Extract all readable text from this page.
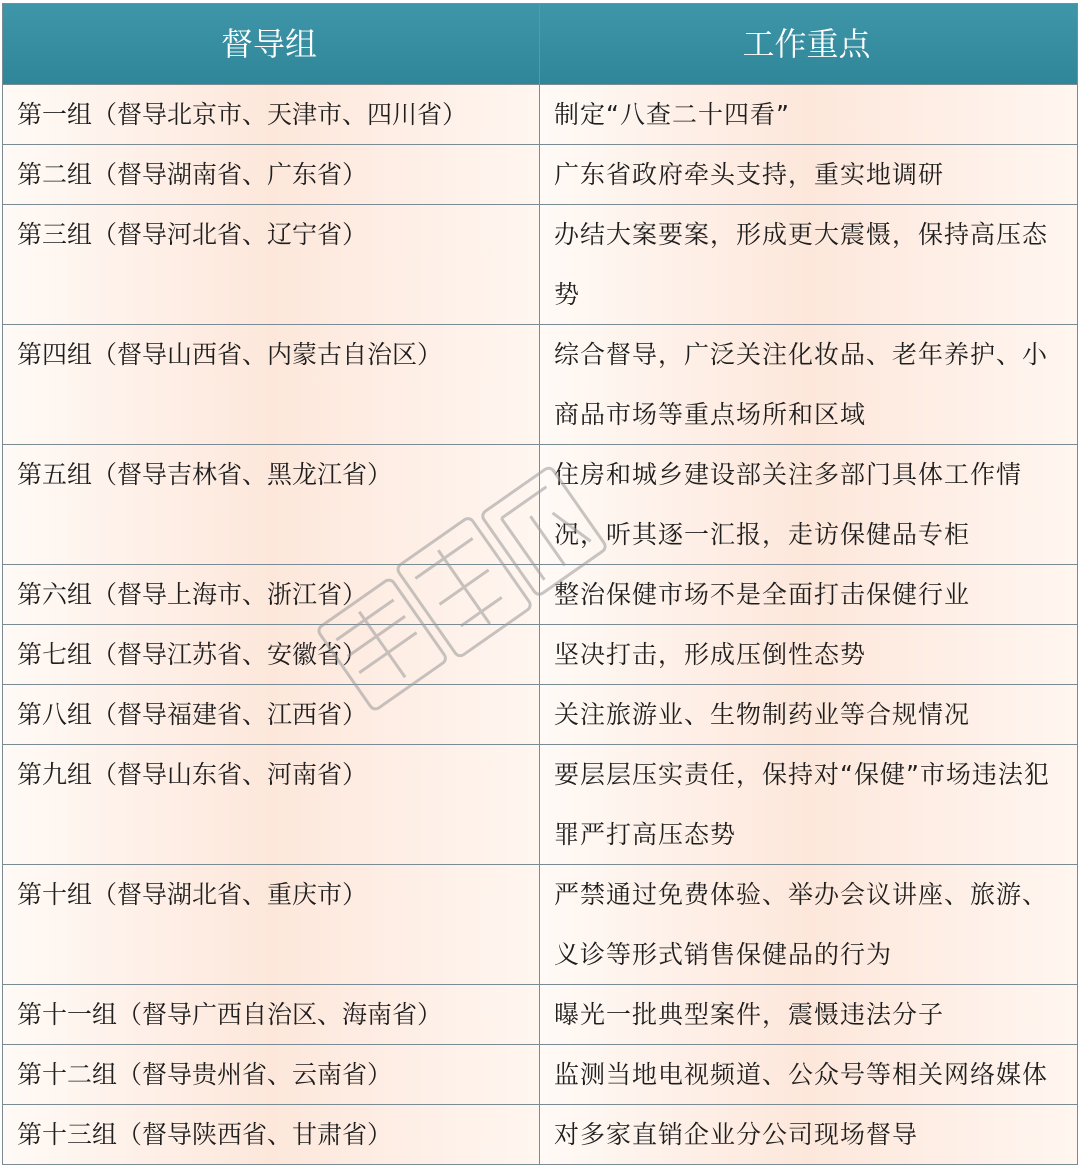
督导组	工作重点
第一组（督导北京市、天津市、四川省）	制定“八查二十四看”
第二组（督导湖南省、广东省）	广东省政府牵头支持，重实地调研
第三组（督导河北省、辽宁省）	办结大案要案，形成更大震慑，保持高压态势
第四组（督导山西省、内蒙古自治区）	综合督导，广泛关注化妆品、老年养护、小商品市场等重点场所和区域
第五组（督导吉林省、黑龙江省）	住房和城乡建设部关注多部门具体工作情况，听其逐一汇报，走访保健品专柜
第六组（督导上海市、浙江省）	整治保健市场不是全面打击保健行业
第七组（督导江苏省、安徽省）	坚决打击，形成压倒性态势
第八组（督导福建省、江西省）	关注旅游业、生物制药业等合规情况
第九组（督导山东省、河南省）	要层层压实责任，保持对“保健”市场违法犯罪严打高压态势
第十组（督导湖北省、重庆市）	严禁通过免费体验、举办会议讲座、旅游、义诊等形式销售保健品的行为
第十一组（督导广西自治区、海南省）	曝光一批典型案件，震慑违法分子
第十二组（督导贵州省、云南省）	监测当地电视频道、公众号等相关网络媒体
第十三组（督导陕西省、甘肃省）	对多家直销企业分公司现场督导
